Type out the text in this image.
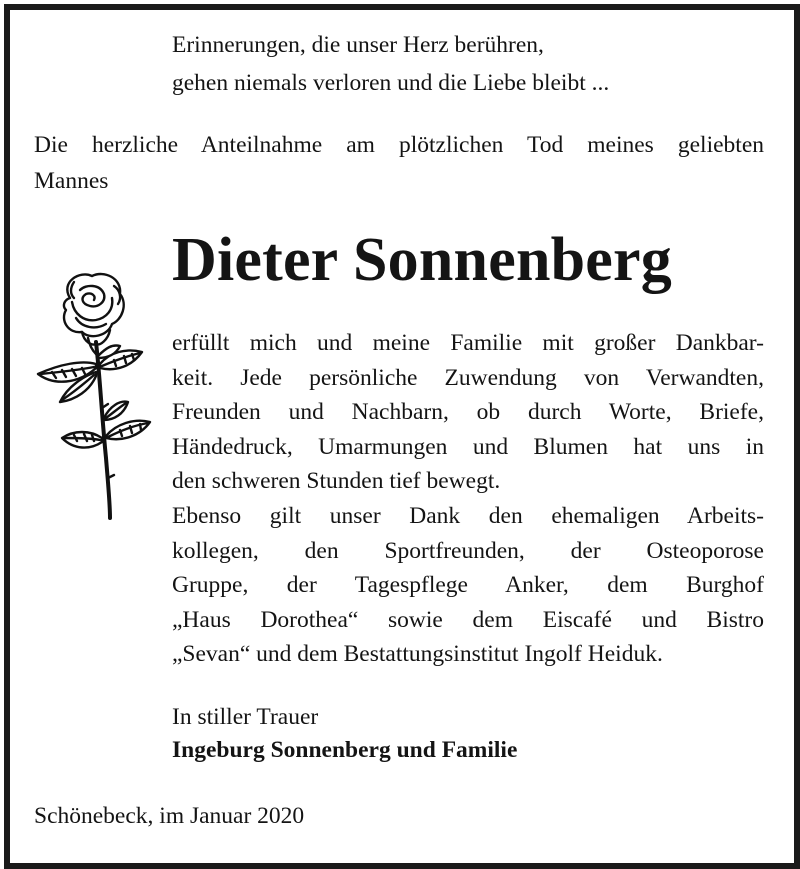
Erinnerungen, die unser Herz berühren,
gehen niemals verloren und die Liebe bleibt ...
Die herzliche Anteilnahme am plötzlichen Tod meines geliebten
Mannes
Dieter Sonnenberg
erfüllt mich und meine Familie mit großer Dankbar-
keit. Jede persönliche Zuwendung von Verwandten,
Freunden und Nachbarn, ob durch Worte, Briefe,
Händedruck, Umarmungen und Blumen hat uns in
den schweren Stunden tief bewegt.
Ebenso gilt unser Dank den ehemaligen Arbeits-
kollegen, den Sportfreunden, der Osteoporose
Gruppe, der Tagespflege Anker, dem Burghof
„Haus Dorothea“ sowie dem Eiscafé und Bistro
„Sevan“ und dem Bestattungsinstitut Ingolf Heiduk.
In stiller Trauer
Ingeburg Sonnenberg und Familie
Schönebeck, im Januar 2020
